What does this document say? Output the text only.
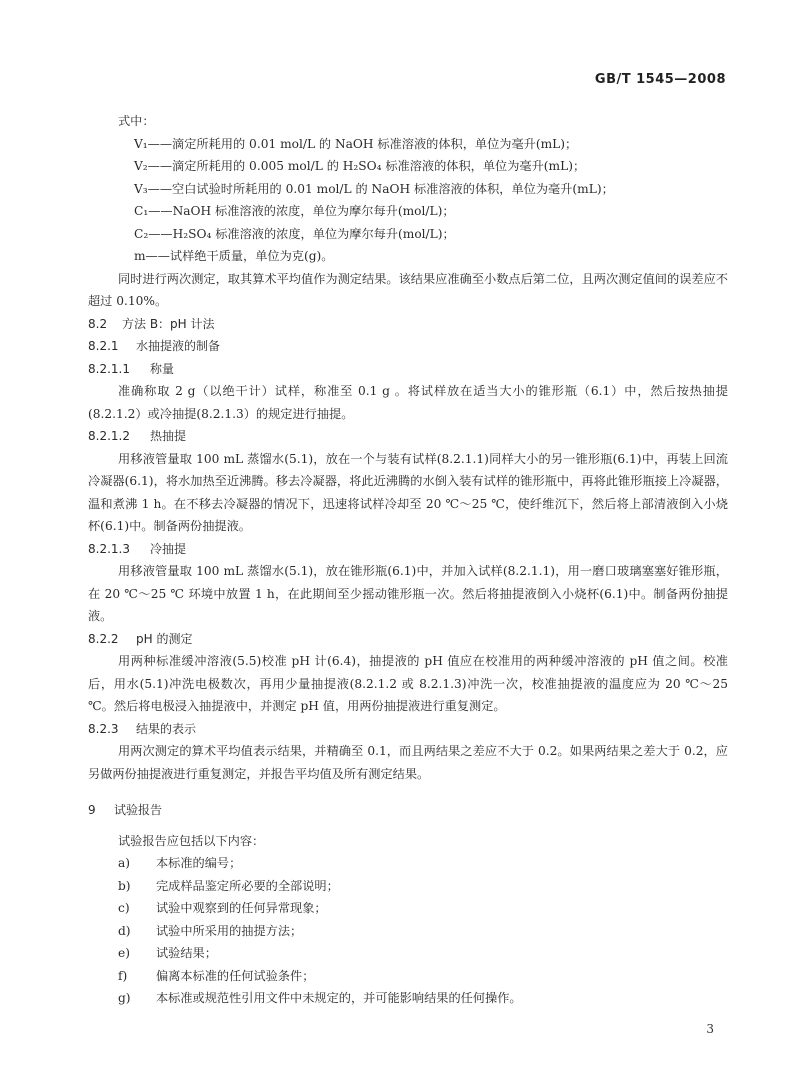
GB/T 1545—2008
式中：
V₁——滴定所耗用的 0.01 mol/L 的 NaOH 标准溶液的体积，单位为毫升(mL)；
V₂——滴定所耗用的 0.005 mol/L 的 H₂SO₄ 标准溶液的体积，单位为毫升(mL)；
V₃——空白试验时所耗用的 0.01 mol/L 的 NaOH 标准溶液的体积，单位为毫升(mL)；
C₁——NaOH 标准溶液的浓度，单位为摩尔每升(mol/L)；
C₂——H₂SO₄ 标准溶液的浓度，单位为摩尔每升(mol/L)；
m——试样绝干质量，单位为克(g)。
同时进行两次测定，取其算术平均值作为测定结果。该结果应准确至小数点后第二位，且两次测定值间的误差应不超过 0.10%。
8.2 方法 B：pH 计法
8.2.1 水抽提液的制备
8.2.1.1 称量
准确称取 2 g（以绝干计）试样，称准至 0.1 g 。将试样放在适当大小的锥形瓶（6.1）中，然后按热抽提(8.2.1.2）或冷抽提(8.2.1.3）的规定进行抽提。
8.2.1.2 热抽提
用移液管量取 100 mL 蒸馏水(5.1)，放在一个与装有试样(8.2.1.1)同样大小的另一锥形瓶(6.1)中，再装上回流冷凝器(6.1)，将水加热至近沸腾。移去冷凝器，将此近沸腾的水倒入装有试样的锥形瓶中，再将此锥形瓶接上冷凝器，温和煮沸 1 h。在不移去冷凝器的情况下，迅速将试样冷却至 20 ℃～25 ℃，使纤维沉下，然后将上部清液倒入小烧杯(6.1)中。制备两份抽提液。
8.2.1.3 冷抽提
用移液管量取 100 mL 蒸馏水(5.1)，放在锥形瓶(6.1)中，并加入试样(8.2.1.1)，用一磨口玻璃塞塞好锥形瓶，在 20 ℃～25 ℃ 环境中放置 1 h，在此期间至少摇动锥形瓶一次。然后将抽提液倒入小烧杯(6.1)中。制备两份抽提液。
8.2.2 pH 的测定
用两种标准缓冲溶液(5.5)校准 pH 计(6.4)，抽提液的 pH 值应在校准用的两种缓冲溶液的 pH 值之间。校准后，用水(5.1)冲洗电极数次，再用少量抽提液(8.2.1.2 或 8.2.1.3)冲洗一次，校准抽提液的温度应为 20 ℃～25 ℃。然后将电极浸入抽提液中，并测定 pH 值，用两份抽提液进行重复测定。
8.2.3 结果的表示
用两次测定的算术平均值表示结果，并精确至 0.1，而且两结果之差应不大于 0.2。如果两结果之差大于 0.2，应另做两份抽提液进行重复测定，并报告平均值及所有测定结果。
9 试验报告
试验报告应包括以下内容：
a) 本标准的编号；
b) 完成样品鉴定所必要的全部说明；
c) 试验中观察到的任何异常现象；
d) 试验中所采用的抽提方法；
e) 试验结果；
f) 偏离本标准的任何试验条件；
g) 本标准或规范性引用文件中未规定的，并可能影响结果的任何操作。
3
